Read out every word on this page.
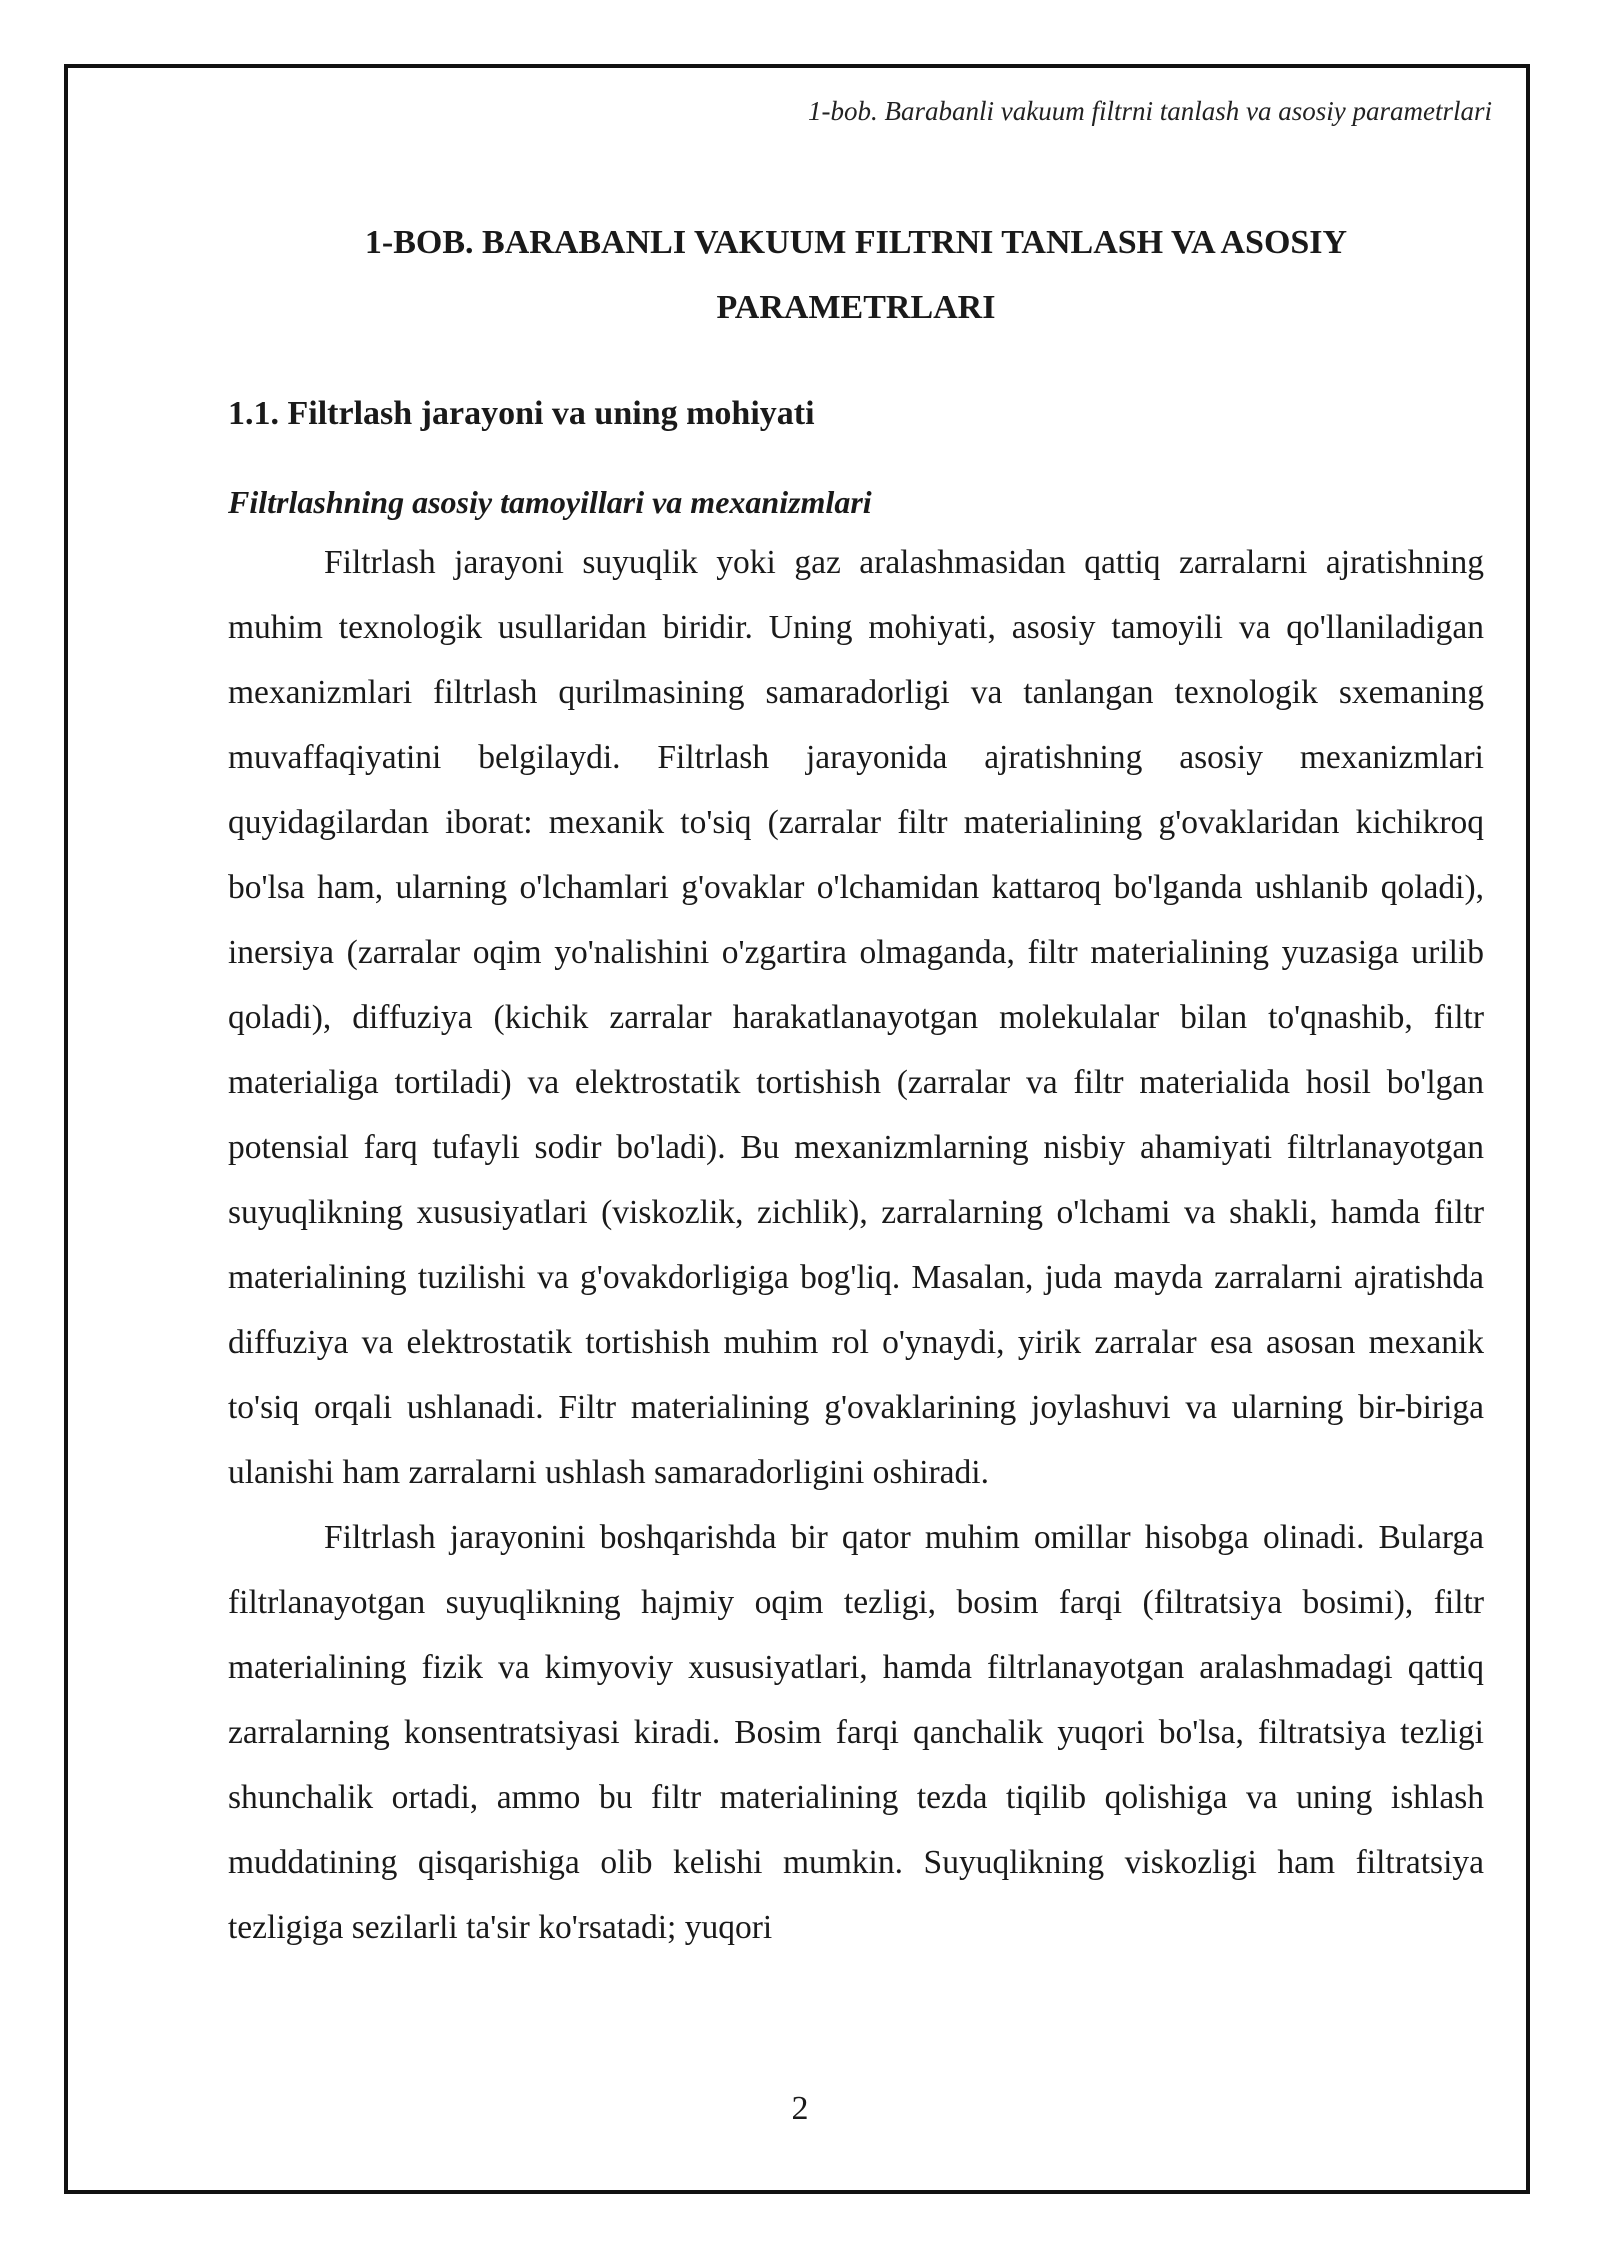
1-bob. Barabanli vakuum filtrni tanlash va asosiy parametrlari
1-BOB. BARABANLI VAKUUM FILTRNI TANLASH VA ASOSIY PARAMETRLARI
1.1. Filtrlash jarayoni va uning mohiyati
Filtrlashning asosiy tamoyillari va mexanizmlari

Filtrlash jarayoni suyuqlik yoki gaz aralashmasidan qattiq zarralarni ajratishning muhim texnologik usullaridan biridir. Uning mohiyati, asosiy tamoyili va qo'llaniladigan mexanizmlari filtrlash qurilmasining samaradorligi va tanlangan texnologik sxemaning muvaffaqiyatini belgilaydi. Filtrlash jarayonida ajratishning asosiy mexanizmlari quyidagilardan iborat: mexanik to'siq (zarralar filtr materialining g'ovaklaridan kichikroq bo'lsa ham, ularning o'lchamlari g'ovaklar o'lchamidan kattaroq bo'lganda ushlanib qoladi), inersiya (zarralar oqim yo'nalishini o'zgartira olmaganda, filtr materialining yuzasiga urilib qoladi), diffuziya (kichik zarralar harakatlanayotgan molekulalar bilan to'qnashib, filtr materialiga tortiladi) va elektrostatik tortishish (zarralar va filtr materialida hosil bo'lgan potensial farq tufayli sodir bo'ladi). Bu mexanizmlarning nisbiy ahamiyati filtrlanayotgan suyuqlikning xususiyatlari (viskozlik, zichlik), zarralarning o'lchami va shakli, hamda filtr materialining tuzilishi va g'ovakdorligiga bog'liq. Masalan, juda mayda zarralarni ajratishda diffuziya va elektrostatik tortishish muhim rol o'ynaydi, yirik zarralar esa asosan mexanik to'siq orqali ushlanadi. Filtr materialining g'ovaklarining joylashuvi va ularning bir-biriga ulanishi ham zarralarni ushlash samaradorligini oshiradi.

Filtrlash jarayonini boshqarishda bir qator muhim omillar hisobga olinadi. Bularga filtrlanayotgan suyuqlikning hajmiy oqim tezligi, bosim farqi (filtratsiya bosimi), filtr materialining fizik va kimyoviy xususiyatlari, hamda filtrlanayotgan aralashmadagi qattiq zarralarning konsentratsiyasi kiradi. Bosim farqi qanchalik yuqori bo'lsa, filtratsiya tezligi shunchalik ortadi, ammo bu filtr materialining tezda tiqilib qolishiga va uning ishlash muddatining qisqarishiga olib kelishi mumkin. Suyuqlikning viskozligi ham filtratsiya tezligiga sezilarli ta'sir ko'rsatadi; yuqori

2
